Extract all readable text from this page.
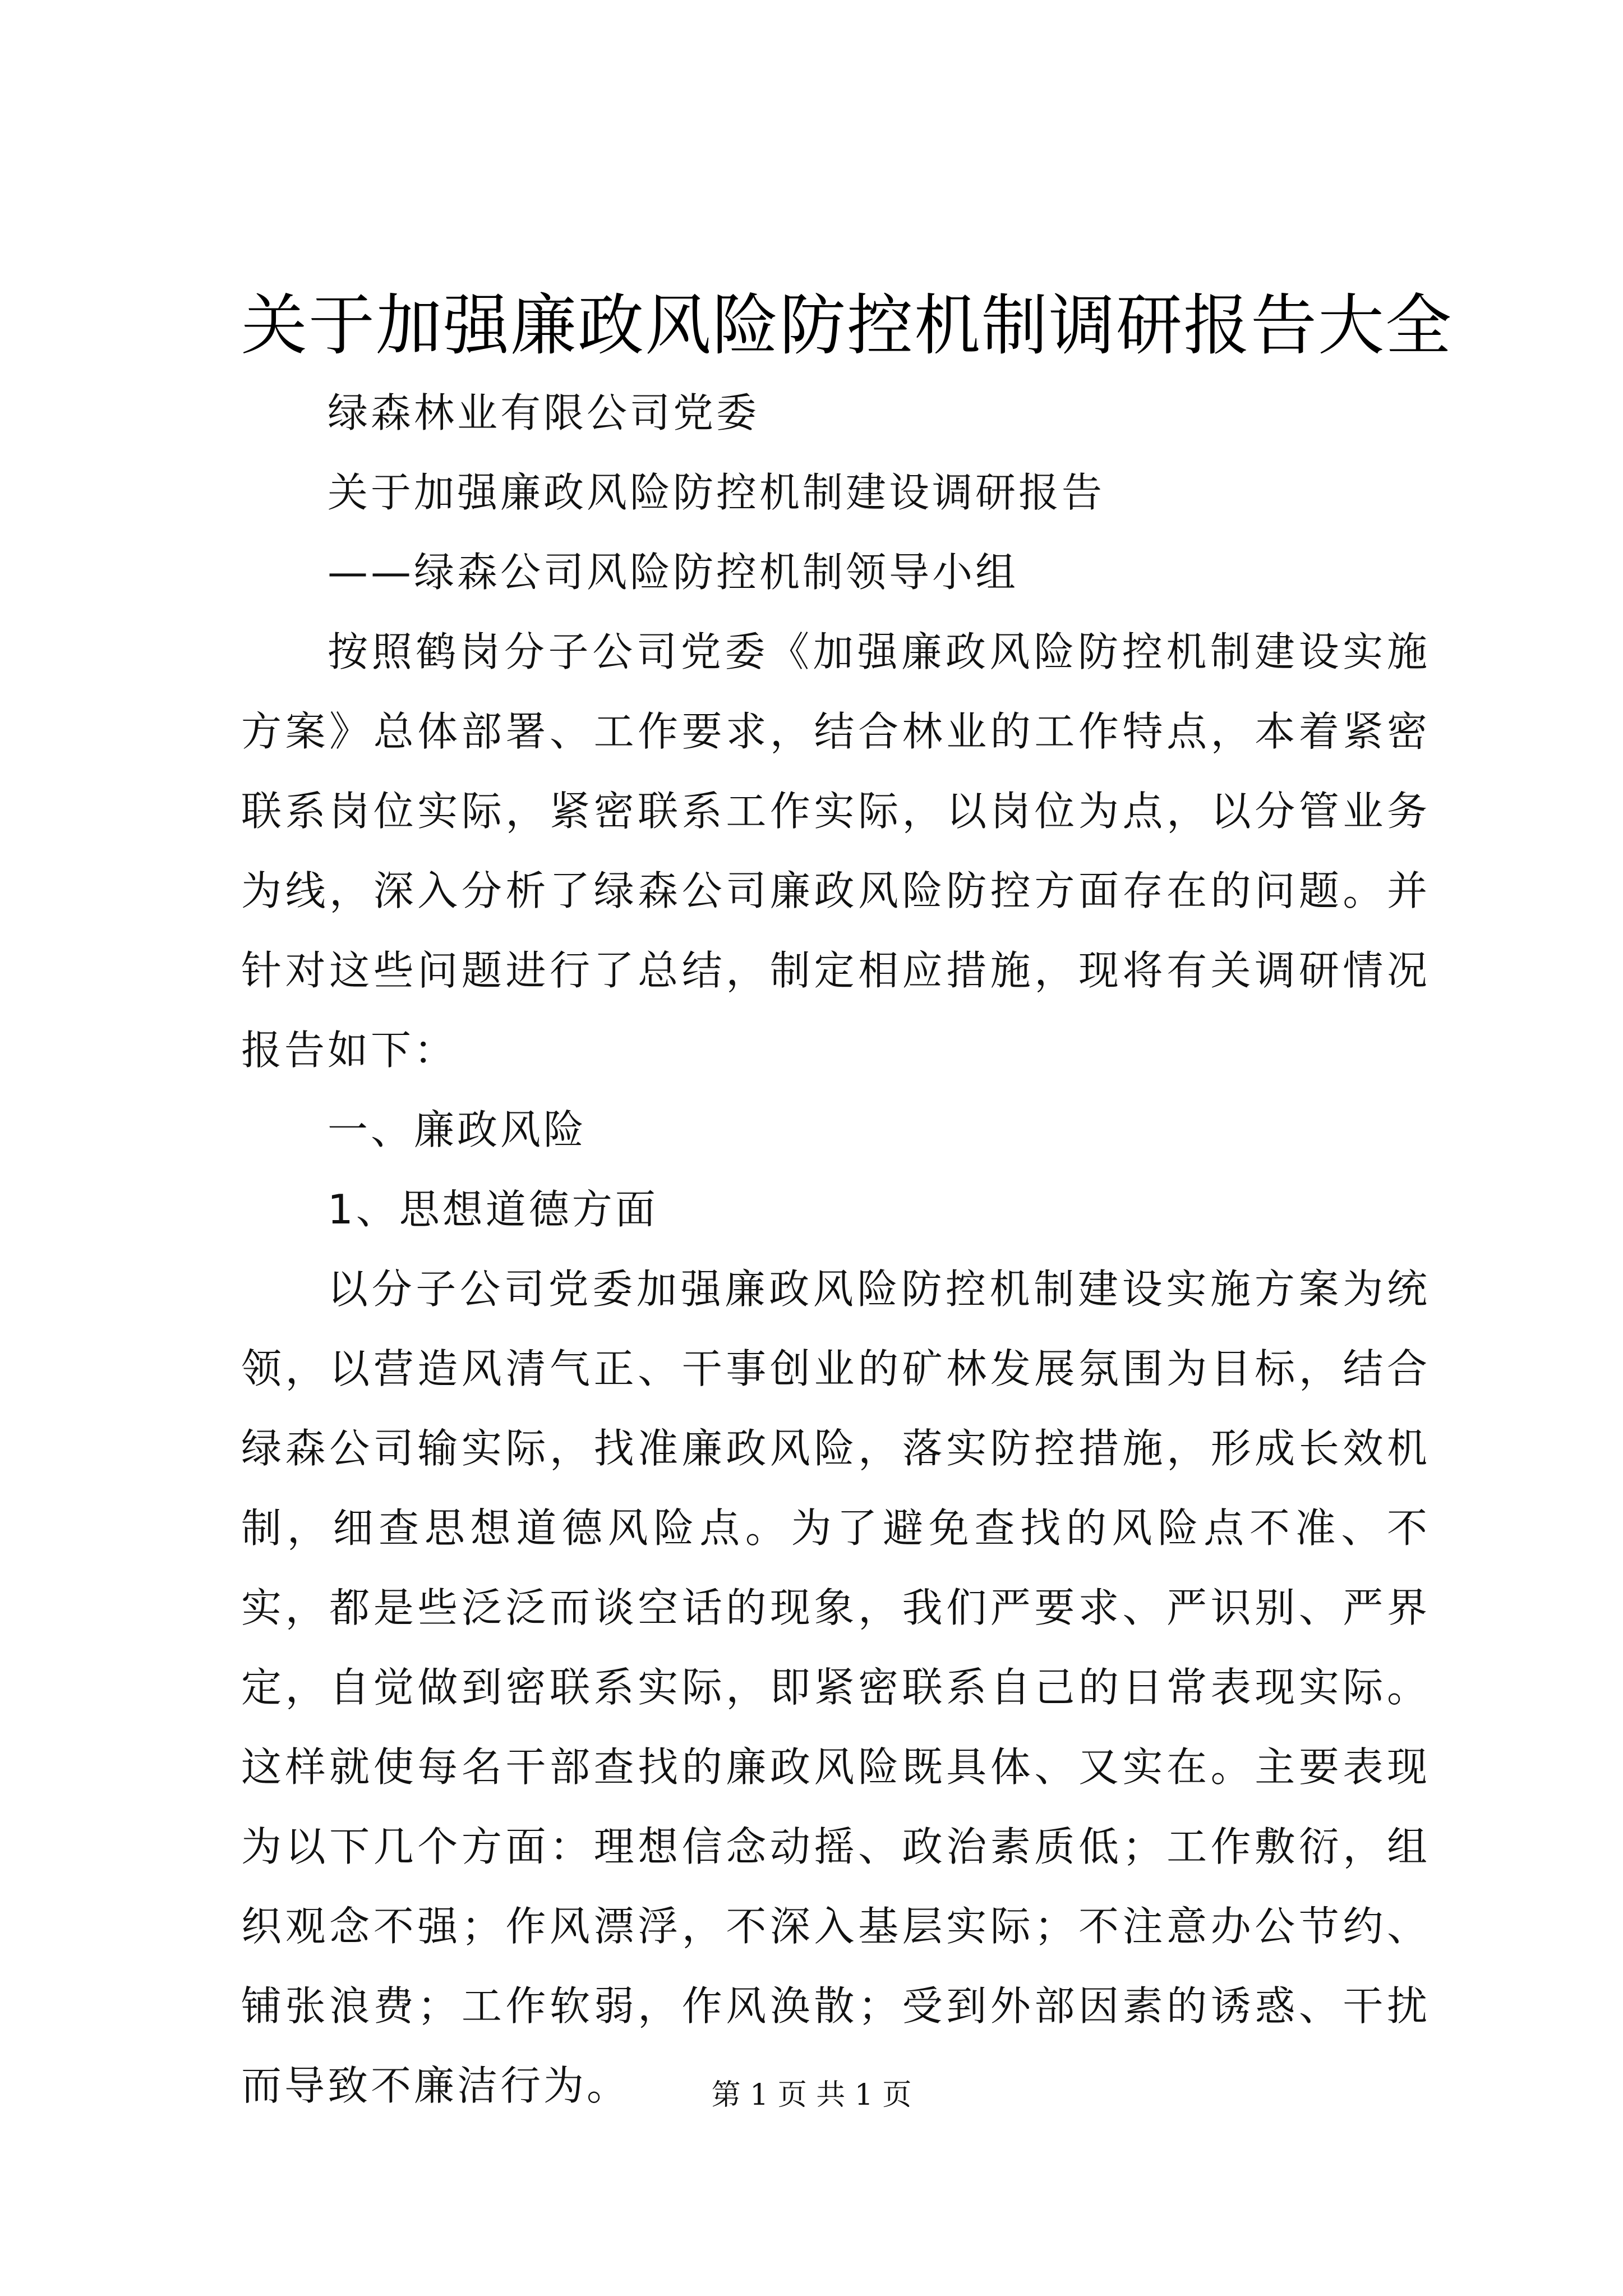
关于加强廉政风险防控机制调研报告大全
绿森林业有限公司党委
关于加强廉政风险防控机制建设调研报告
——绿森公司风险防控机制领导小组

按照鹤岗分子公司党委《加强廉政风险防控机制建设实施方案》总体部署、工作要求，结合林业的工作特点，本着紧密联系岗位实际，紧密联系工作实际，以岗位为点，以分管业务为线，深入分析了绿森公司廉政风险防控方面存在的问题。并针对这些问题进行了总结，制定相应措施，现将有关调研情况报告如下：

一、廉政风险

1、思想道德方面

以分子公司党委加强廉政风险防控机制建设实施方案为统领，以营造风清气正、干事创业的矿林发展氛围为目标，结合绿森公司输实际，找准廉政风险，落实防控措施，形成长效机制，细查思想道德风险点。为了避免查找的风险点不准、不实，都是些泛泛而谈空话的现象，我们严要求、严识别、严界定，自觉做到密联系实际，即紧密联系自己的日常表现实际。这样就使每名干部查找的廉政风险既具体、又实在。主要表现为以下几个方面：理想信念动摇、政治素质低；工作敷衍，组织观念不强；作风漂浮，不深入基层实际；不注意办公节约、铺张浪费；工作软弱，作风涣散；受到外部因素的诱惑、干扰而导致不廉洁行为。	第 1 页 共 1 页
